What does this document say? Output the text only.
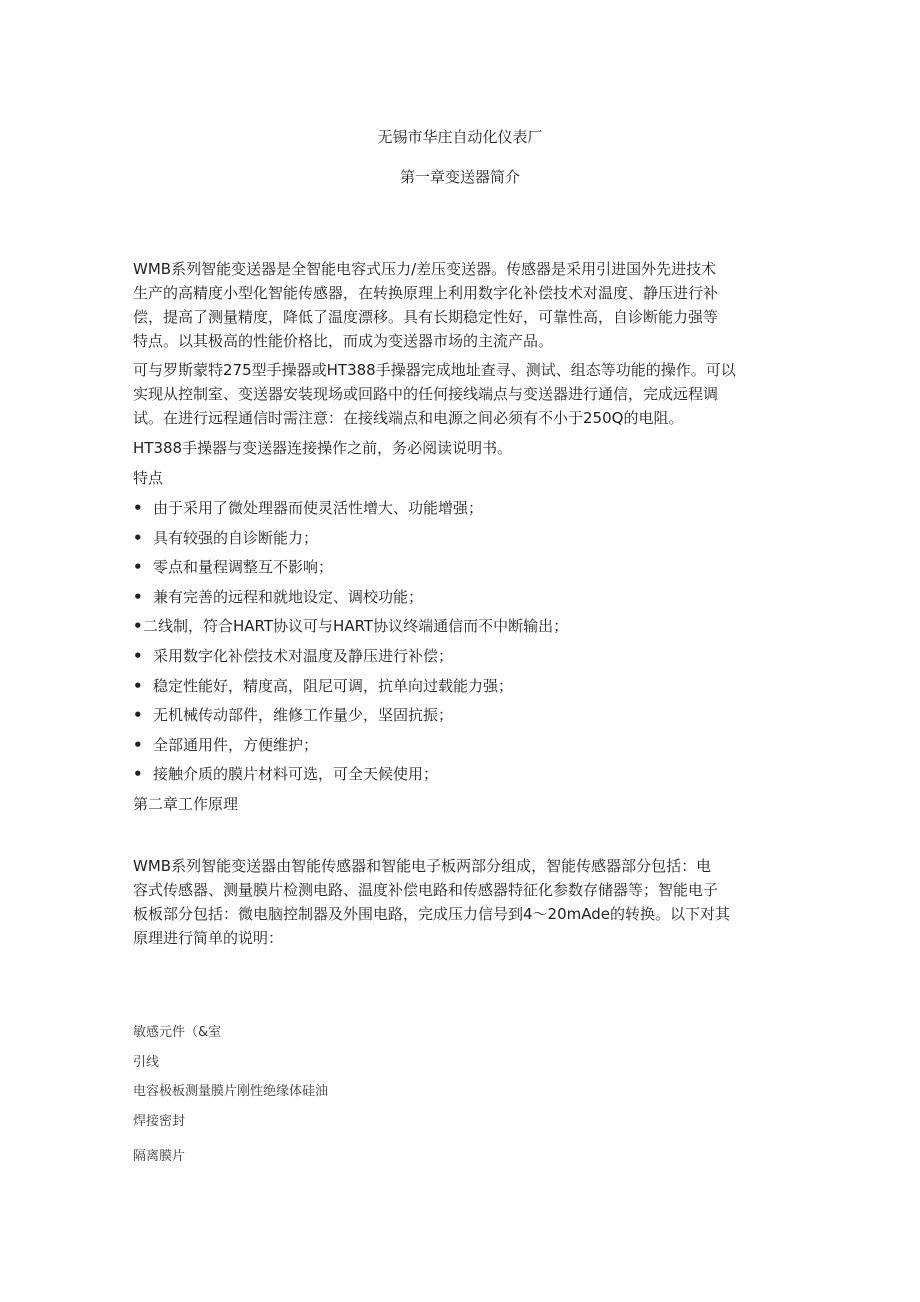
无锡市华庄自动化仪表厂
第一章变送器简介
WMB系列智能变送器是全智能电容式压力/差压变送器。传感器是采用引进国外先进技术
生产的高精度小型化智能传感器，在转换原理上利用数字化补偿技术对温度、静压进行补
偿，提高了测量精度，降低了温度漂移。具有长期稳定性好，可靠性高，自诊断能力强等
特点。以其极高的性能价格比，而成为变送器市场的主流产品。
可与罗斯蒙特275型手操器或HT388手操器完成地址查寻、测试、组态等功能的操作。可以
实现从控制室、变送器安装现场或回路中的任何接线端点与变送器进行通信，完成远程调
试。在进行远程通信时需注意：在接线端点和电源之间必须有不小于250Q的电阻。
HT388手操器与变送器连接操作之前，务必阅读说明书。
特点
• 由于采用了微处理器而使灵活性增大、功能增强；
• 具有较强的自诊断能力；
• 零点和量程调整互不影响；
• 兼有完善的远程和就地设定、调校功能；
•二线制，符合HART协议可与HART协议终端通信而不中断输出；
• 采用数字化补偿技术对温度及静压进行补偿；
• 稳定性能好，精度高，阻尼可调，抗单向过载能力强；
• 无机械传动部件，维修工作量少，坚固抗振；
• 全部通用件，方便维护；
• 接触介质的膜片材料可选，可全天候使用；
第二章工作原理
WMB系列智能变送器由智能传感器和智能电子板两部分组成，智能传感器部分包括：电
容式传感器、测量膜片检测电路、温度补偿电路和传感器特征化参数存储器等；智能电子
板板部分包括：微电脑控制器及外围电路，完成压力信号到4～20mAde的转换。以下对其
原理进行简单的说明：
敏感元件（&室
引线
电容极板测量膜片刚性绝缘体硅油
焊接密封
隔离膜片
